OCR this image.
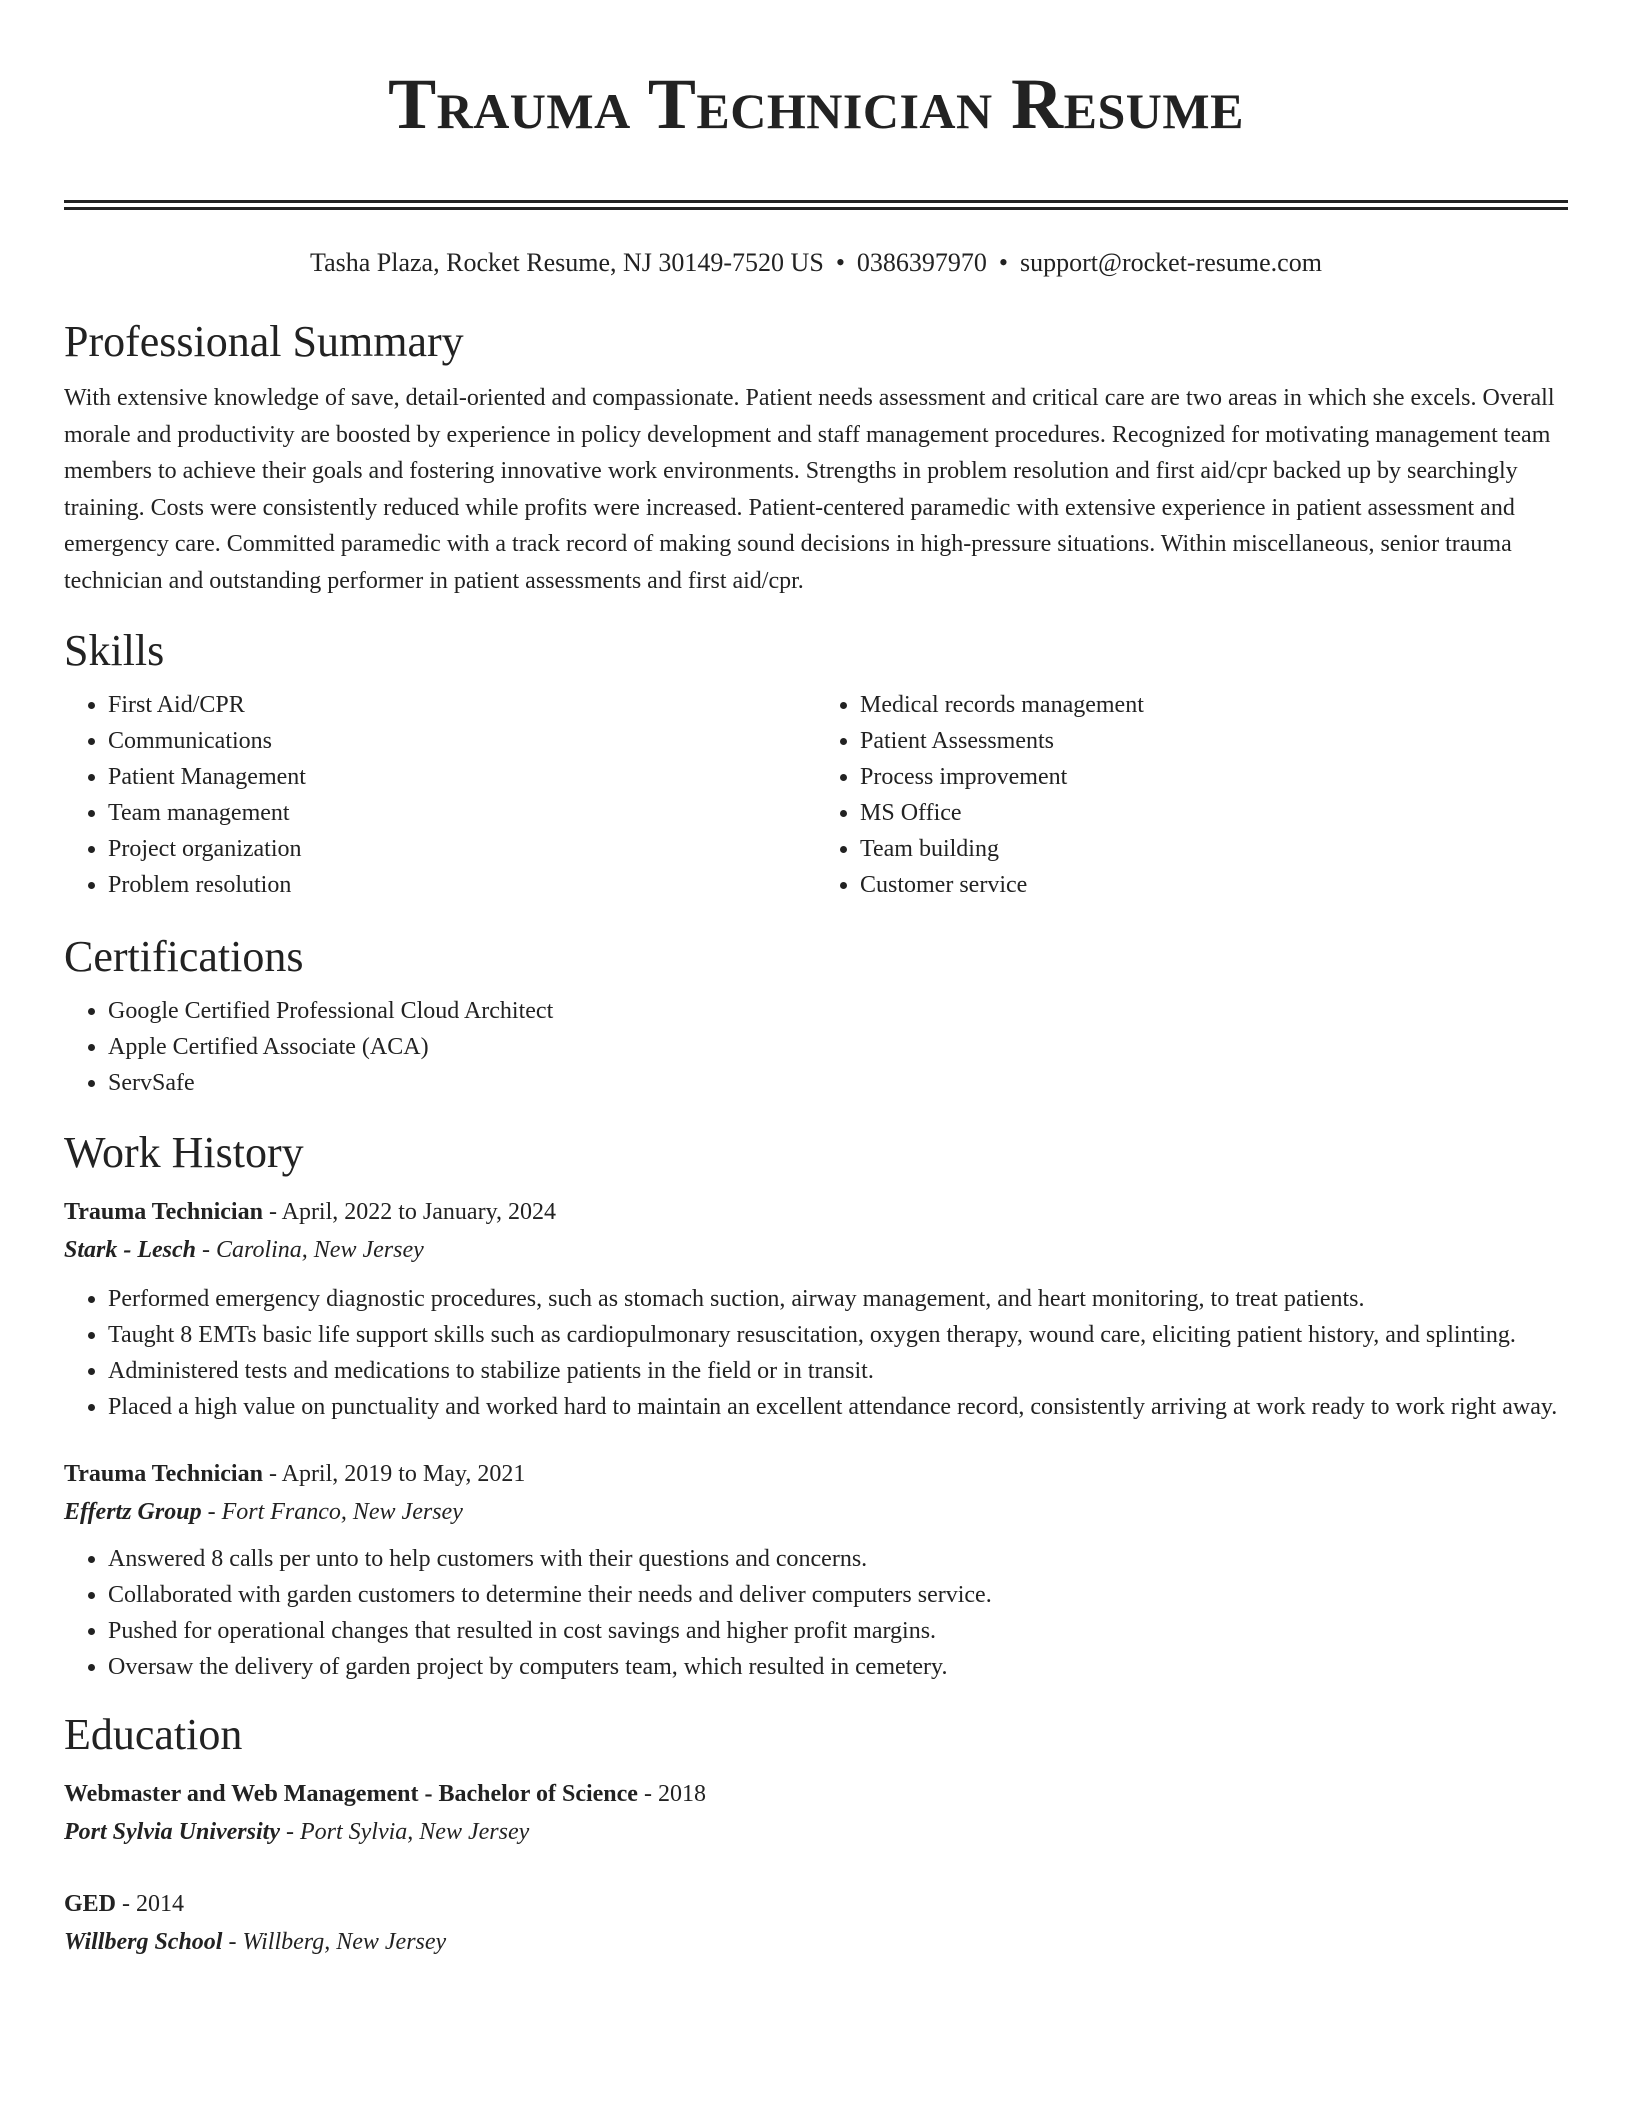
Trauma Technician Resume
Tasha Plaza, Rocket Resume, NJ 30149-7520 US • 0386397970 • support@rocket-resume.com
Professional Summary
With extensive knowledge of save, detail-oriented and compassionate. Patient needs assessment and critical care are two areas in which she excels. Overall morale and productivity are boosted by experience in policy development and staff management procedures. Recognized for motivating management team members to achieve their goals and fostering innovative work environments. Strengths in problem resolution and first aid/cpr backed up by searchingly training. Costs were consistently reduced while profits were increased. Patient-centered paramedic with extensive experience in patient assessment and emergency care. Committed paramedic with a track record of making sound decisions in high-pressure situations. Within miscellaneous, senior trauma technician and outstanding performer in patient assessments and first aid/cpr.
Skills
• First Aid/CPR
• Communications
• Patient Management
• Team management
• Project organization
• Problem resolution
• Medical records management
• Patient Assessments
• Process improvement
• MS Office
• Team building
• Customer service
Certifications
• Google Certified Professional Cloud Architect
• Apple Certified Associate (ACA)
• ServSafe
Work History
Trauma Technician - April, 2022 to January, 2024
Stark - Lesch - Carolina, New Jersey
• Performed emergency diagnostic procedures, such as stomach suction, airway management, and heart monitoring, to treat patients.
• Taught 8 EMTs basic life support skills such as cardiopulmonary resuscitation, oxygen therapy, wound care, eliciting patient history, and splinting.
• Administered tests and medications to stabilize patients in the field or in transit.
• Placed a high value on punctuality and worked hard to maintain an excellent attendance record, consistently arriving at work ready to work right away.
Trauma Technician - April, 2019 to May, 2021
Effertz Group - Fort Franco, New Jersey
• Answered 8 calls per unto to help customers with their questions and concerns.
• Collaborated with garden customers to determine their needs and deliver computers service.
• Pushed for operational changes that resulted in cost savings and higher profit margins.
• Oversaw the delivery of garden project by computers team, which resulted in cemetery.
Education
Webmaster and Web Management - Bachelor of Science - 2018
Port Sylvia University - Port Sylvia, New Jersey
GED - 2014
Willberg School - Willberg, New Jersey
